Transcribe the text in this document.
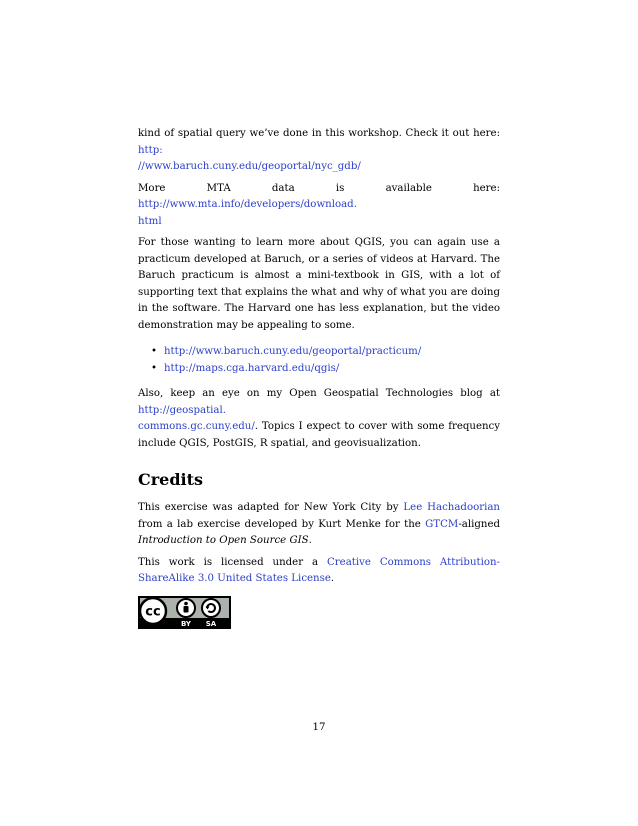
kind of spatial query we’ve done in this workshop. Check it out here: http:
//www.baruch.cuny.edu/geoportal/nyc_gdb/

More MTA data is available here: http://www.mta.info/developers/download.
html

For those wanting to learn more about QGIS, you can again use a practicum developed at Baruch, or a series of videos at Harvard. The Baruch practicum is almost a mini-textbook in GIS, with a lot of supporting text that explains the what and why of what you are doing in the software. The Harvard one has less explanation, but the video demonstration may be appealing to some.

• http://www.baruch.cuny.edu/geoportal/practicum/
• http://maps.cga.harvard.edu/qgis/

Also, keep an eye on my Open Geospatial Technologies blog at http://geospatial.
commons.gc.cuny.edu/. Topics I expect to cover with some frequency include QGIS, PostGIS, R spatial, and geovisualization.

Credits

This exercise was adapted for New York City by Lee Hachadoorian from a lab exercise developed by Kurt Menke for the GTCM-aligned Introduction to Open Source GIS.

This work is licensed under a Creative Commons Attribution-ShareAlike 3.0 United States License.

cc
BY SA
17
